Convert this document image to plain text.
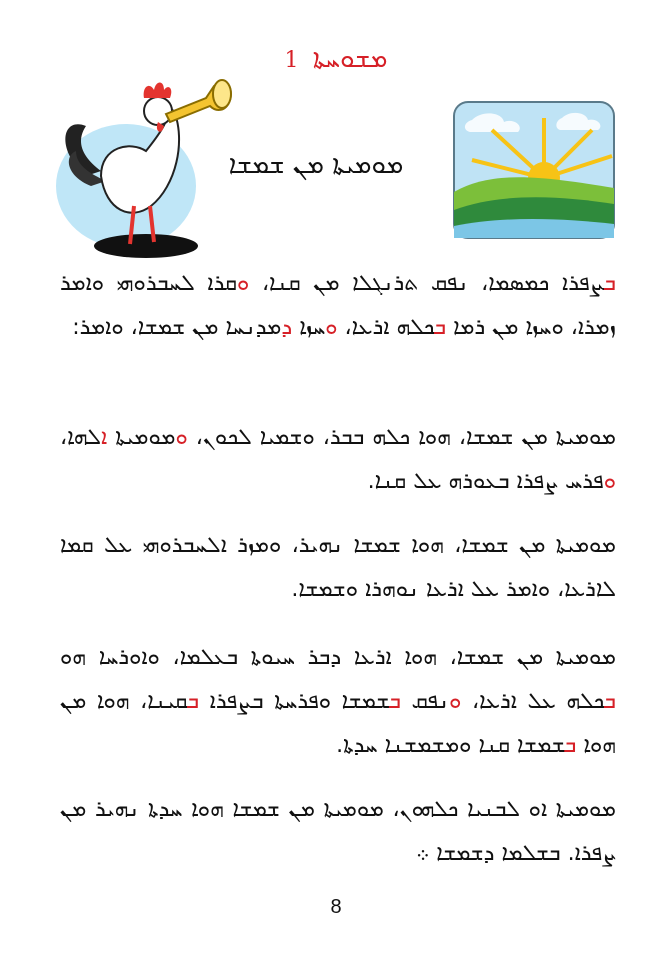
ܡܫܘܚܬܐ 1
ܡܘܡܝܬܐ ܡܢ ܫܡܫܐ
ܒܨܦܪܐ ܟܡܣܡܐ، ܢܦܩ ܬܪܢܓܠܐ ܡܢ ܩܢܐ، ܘܩܪܐ ܠܚܒܪܘܗܝ ܘܐܡܪ ܙܡܪܐ، ܘܚܙܐ ܡܢ ܪܡܐ ܒܟܠܗ ܐܪܥܐ، ܘܚܙܐ ܕܡܕܢܚܐ ܡܢ ܫܡܫܐ، ܘܐܡܪ:
ܡܘܡܝܬܐ ܡܢ ܫܡܫܐ، ܗܘܐ ܟܠܗ ܒܒܪ، ܘܫܡܝܐ ܠܟܘܢ، ܘܡܘܡܝܬܐ ܐܠܗܐ، ܘܦܪܚ ܨܦܪܐ ܒܥܘܪܗ ܥܠ ܩܢܐ.
ܡܘܡܝܬܐ ܡܢ ܫܡܫܐ، ܗܘܐ ܫܡܫܐ ܢܗܝܪ، ܘܡܙܪ ܐܠܚܒܪܘܗܝ ܥܠ ܩܡܐ ܠܐܪܥܐ، ܘܐܡܪ ܥܠ ܐܪܥܐ ܢܘܗܪܐ ܘܫܡܫܐ.
ܡܘܡܝܬܐ ܡܢ ܫܡܫܐ، ܗܘܐ ܐܪܥܐ ܕܒܪ ܚܝܘܬܐ ܒܥܠܡܐ، ܘܐܘܪܚܐ ܗܘ ܒܟܠܗ ܥܠ ܐܪܥܐ، ܘܢܦܩ ܒܫܡܫܐ ܘܦܪܚܬܐ ܒܨܦܪܐ ܒܩܝܢܐ، ܗܘܐ ܡܢ ܗܘܐ ܒܫܡܫܐ ܩܢܐ ܘܡܫܡܫܢܐ ܚܕܬܐ.
ܡܘܡܝܬܐ ܐܘ ܠܒܢܝܐ ܟܠܗܘܢ، ܡܘܡܝܬܐ ܡܢ ܫܡܫܐ ܗܘܐ ܚܕܬܐ ܢܗܝܪ ܡܢ ܨܦܪܐ. ܒܫܠܡܐ ܕܫܡܫܐ ܀
8
